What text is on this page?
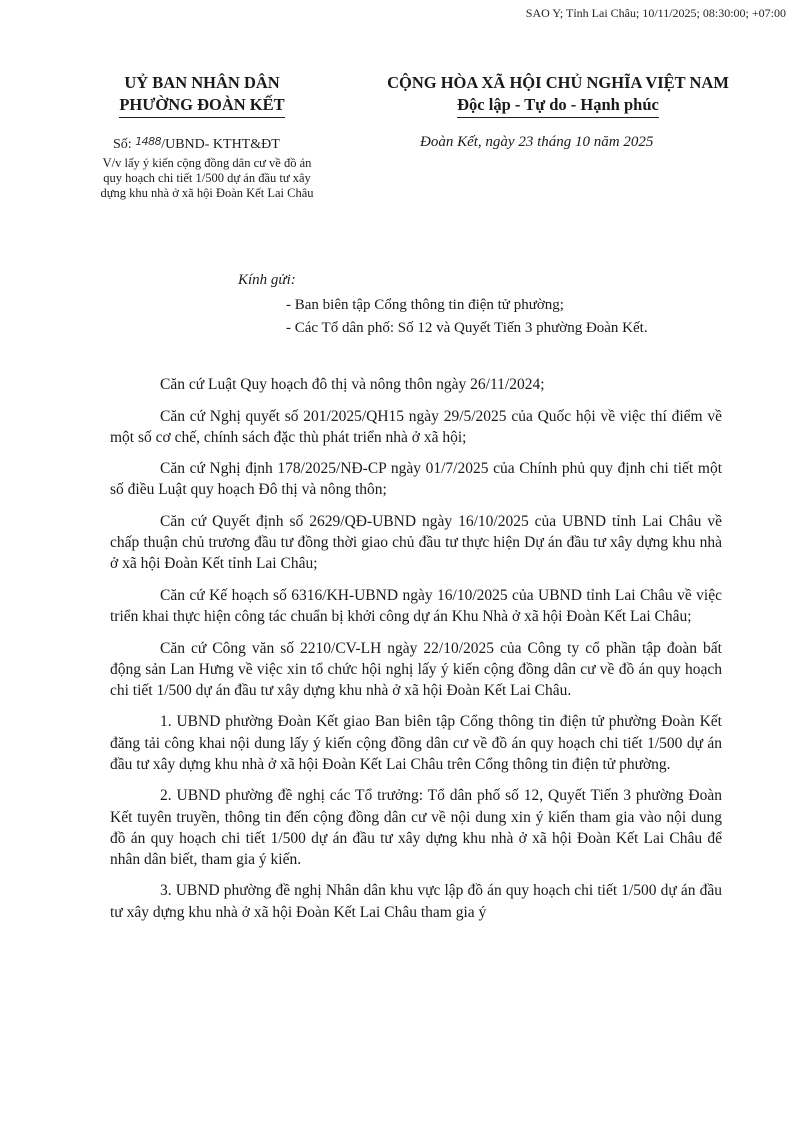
SAO Y; Tỉnh Lai Châu; 10/11/2025; 08:30:00; +07:00
UỶ BAN NHÂN DÂN
PHƯỜNG ĐOÀN KẾT
CỘNG HÒA XÃ HỘI CHỦ NGHĨA VIỆT NAM
Độc lập - Tự do - Hạnh phúc
Số: 1488/UBND- KTHT&ĐT
V/v lấy ý kiến cộng đồng dân cư về đồ án quy hoạch chi tiết 1/500 dự án đầu tư xây dựng khu nhà ở xã hội Đoàn Kết Lai Châu
Đoàn Kết, ngày 23 tháng 10 năm 2025
Kính gửi:
- Ban biên tập Cổng thông tin điện tử phường;
- Các Tổ dân phố: Số 12 và Quyết Tiến 3 phường Đoàn Kết.

Căn cứ Luật Quy hoạch đô thị và nông thôn ngày 26/11/2024;

Căn cứ Nghị quyết số 201/2025/QH15 ngày 29/5/2025 của Quốc hội về việc thí điểm về một số cơ chế, chính sách đặc thù phát triển nhà ở xã hội;

Căn cứ Nghị định 178/2025/NĐ-CP ngày 01/7/2025 của Chính phủ quy định chi tiết một số điều Luật quy hoạch Đô thị và nông thôn;

Căn cứ Quyết định số 2629/QĐ-UBND ngày 16/10/2025 của UBND tỉnh Lai Châu về chấp thuận chủ trương đầu tư đồng thời giao chủ đầu tư thực hiện Dự án đầu tư xây dựng khu nhà ở xã hội Đoàn Kết tỉnh Lai Châu;

Căn cứ Kế hoạch số 6316/KH-UBND ngày 16/10/2025 của UBND tỉnh Lai Châu về việc triển khai thực hiện công tác chuẩn bị khởi công dự án Khu Nhà ở xã hội Đoàn Kết Lai Châu;

Căn cứ Công văn số 2210/CV-LH ngày 22/10/2025 của Công ty cổ phần tập đoàn bất động sản Lan Hưng về việc xin tổ chức hội nghị lấy ý kiến cộng đồng dân cư về đồ án quy hoạch chi tiết 1/500 dự án đầu tư xây dựng khu nhà ở xã hội Đoàn Kết Lai Châu.

1. UBND phường Đoàn Kết giao Ban biên tập Cổng thông tin điện tử phường Đoàn Kết đăng tải công khai nội dung lấy ý kiến cộng đồng dân cư về đồ án quy hoạch chi tiết 1/500 dự án đầu tư xây dựng khu nhà ở xã hội Đoàn Kết Lai Châu trên Cổng thông tin điện tử phường.

2. UBND phường đề nghị các Tổ trưởng: Tổ dân phố số 12, Quyết Tiến 3 phường Đoàn Kết tuyên truyền, thông tin đến cộng đồng dân cư về nội dung xin ý kiến tham gia vào nội dung đồ án quy hoạch chi tiết 1/500 dự án đầu tư xây dựng khu nhà ở xã hội Đoàn Kết Lai Châu để nhân dân biết, tham gia ý kiến.

3. UBND phường đề nghị Nhân dân khu vực lập đồ án quy hoạch chi tiết 1/500 dự án đầu tư xây dựng khu nhà ở xã hội Đoàn Kết Lai Châu tham gia ý
